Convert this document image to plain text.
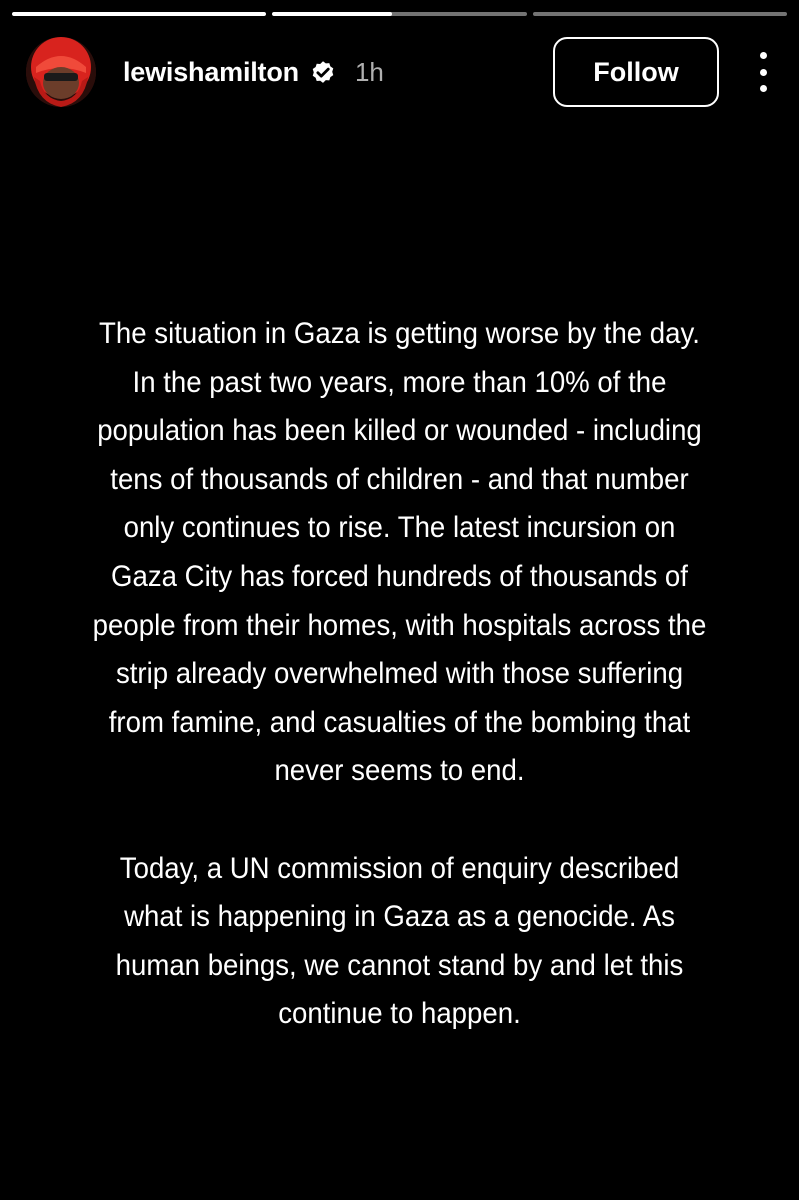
lewishamilton 1h	Follow

The situation in Gaza is getting worse by the day. In the past two years, more than 10% of the population has been killed or wounded - including tens of thousands of children - and that number only continues to rise. The latest incursion on Gaza City has forced hundreds of thousands of people from their homes, with hospitals across the strip already overwhelmed with those suffering from famine, and casualties of the bombing that never seems to end.

Today, a UN commission of enquiry described what is happening in Gaza as a genocide. As human beings, we cannot stand by and let this continue to happen.
